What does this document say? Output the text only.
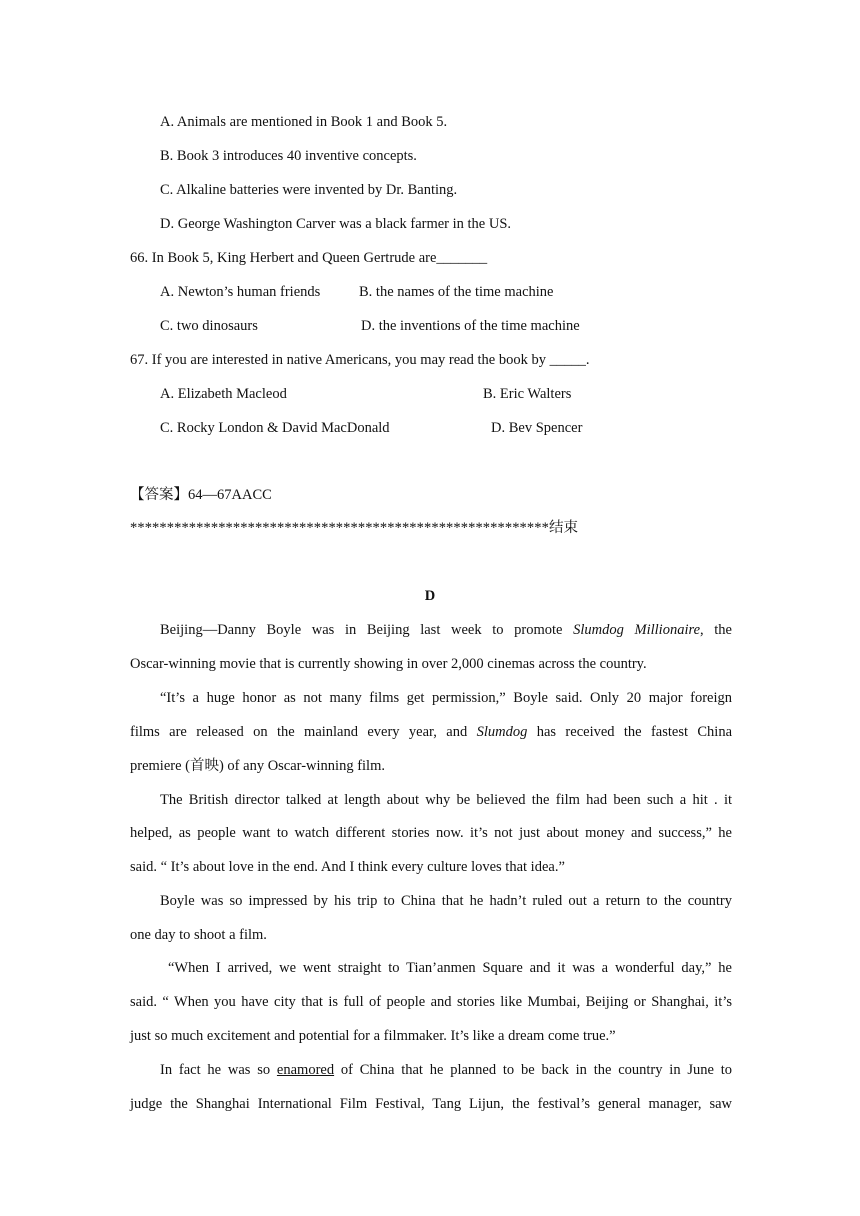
A. Animals are mentioned in Book 1 and Book 5.
B. Book 3 introduces 40 inventive concepts.
C. Alkaline batteries were invented by Dr. Banting.
D. George Washington Carver was a black farmer in the US.
66. In Book 5, King Herbert and Queen Gertrude are_______
A. Newton’s human friends	B. the names of the time machine
C. two dinosaurs	D. the inventions of the time machine
67. If you are interested in native Americans, you may read the book by _____.
A. Elizabeth Macleod	B. Eric Walters
C. Rocky London & David MacDonald	D. Bev Spencer
【答案】64—67AACC
*********************************************************结束
D
Beijing—Danny Boyle was in Beijing last week to promote Slumdog Millionaire, the
Oscar-winning movie that is currently showing in over 2,000 cinemas across the country.
“It’s a huge honor as not many films get permission,” Boyle said. Only 20 major foreign
films are released on the mainland every year, and Slumdog has received the fastest China
premiere (首映) of any Oscar-winning film.
The British director talked at length about why be believed the film had been such a hit . it
helped, as people want to watch different stories now. it’s not just about money and success,” he
said. “ It’s about love in the end. And I think every culture loves that idea.”
Boyle was so impressed by his trip to China that he hadn’t ruled out a return to the country
one day to shoot a film.
“When I arrived, we went straight to Tian’anmen Square and it was a wonderful day,” he
said. “ When you have city that is full of people and stories like Mumbai, Beijing or Shanghai, it’s
just so much excitement and potential for a filmmaker. It’s like a dream come true.”
In fact he was so enamored of China that he planned to be back in the country in June to
judge the Shanghai International Film Festival, Tang Lijun, the festival’s general manager, saw
